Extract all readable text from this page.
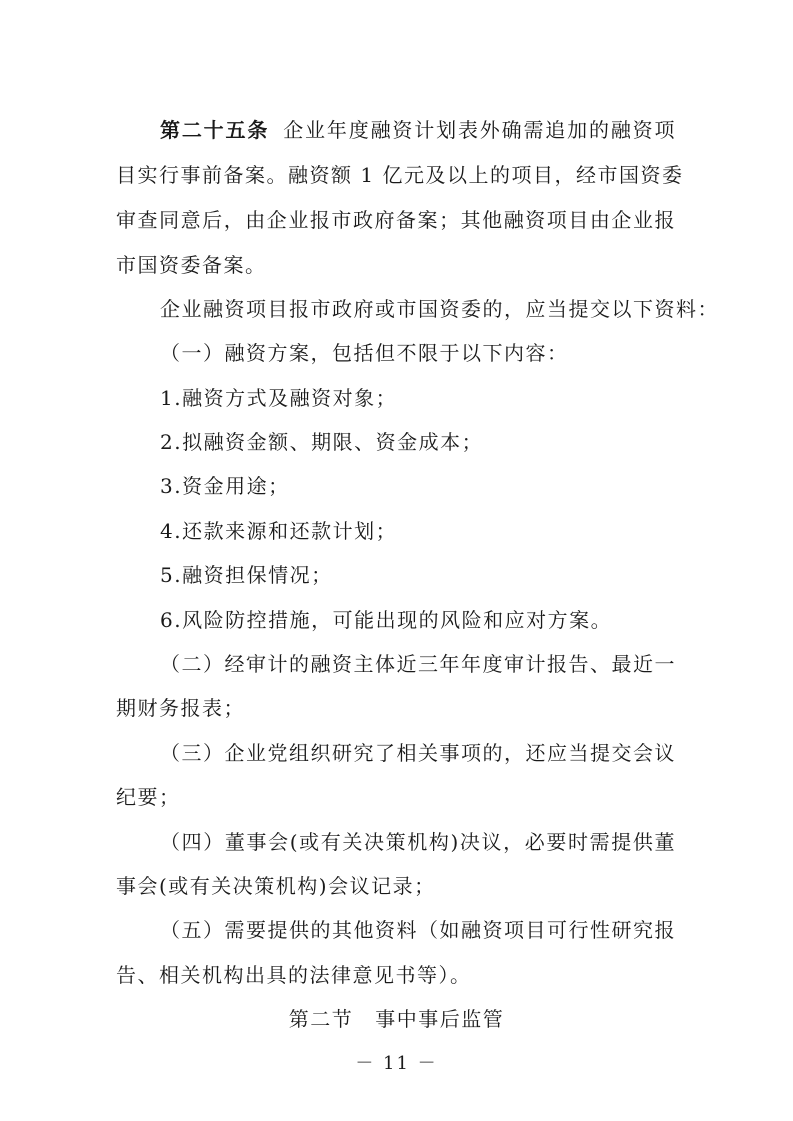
第二十五条 企业年度融资计划表外确需追加的融资项
目实行事前备案。融资额 1 亿元及以上的项目，经市国资委
审查同意后，由企业报市政府备案；其他融资项目由企业报
市国资委备案。
企业融资项目报市政府或市国资委的，应当提交以下资料：
（一）融资方案，包括但不限于以下内容：
1.融资方式及融资对象；
2.拟融资金额、期限、资金成本；
3.资金用途；
4.还款来源和还款计划；
5.融资担保情况；
6.风险防控措施，可能出现的风险和应对方案。
（二）经审计的融资主体近三年年度审计报告、最近一
期财务报表；
（三）企业党组织研究了相关事项的，还应当提交会议
纪要；
（四）董事会(或有关决策机构)决议，必要时需提供董
事会(或有关决策机构)会议记录；
（五）需要提供的其他资料（如融资项目可行性研究报
告、相关机构出具的法律意见书等）。
第二节 事中事后监管
－ 11 －
